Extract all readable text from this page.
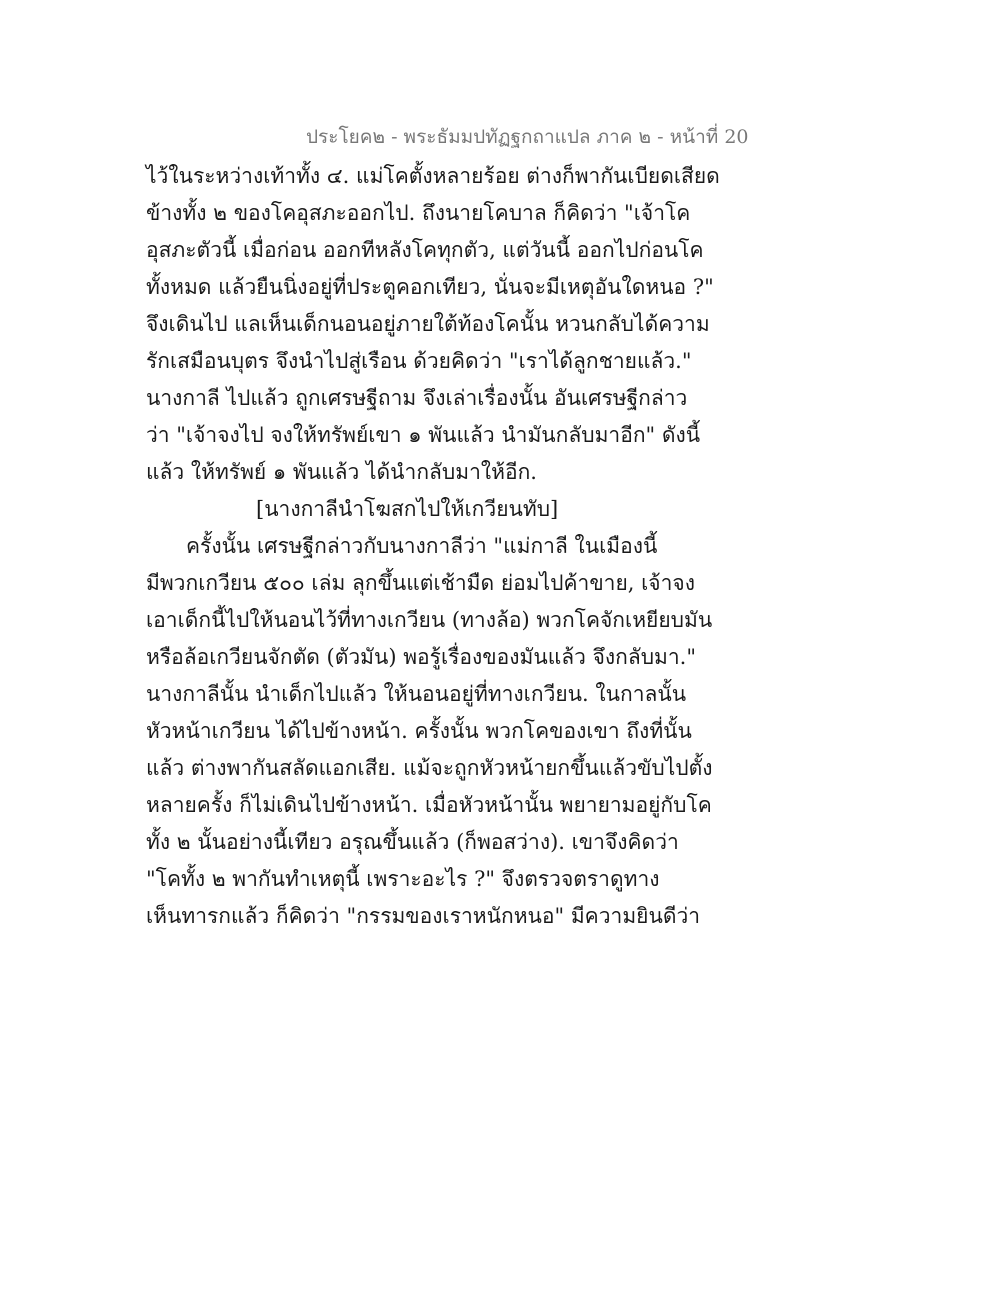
ประโยค๒ - พระธัมมปทัฏฐกถาแปล ภาค ๒ - หน้าที่ 20
ไว้ในระหว่างเท้าทั้ง ๔. แม่โคตั้งหลายร้อย ต่างก็พากันเบียดเสียด
ข้างทั้ง ๒ ของโคอุสภะออกไป. ถึงนายโคบาล ก็คิดว่า "เจ้าโค
อุสภะตัวนี้ เมื่อก่อน ออกทีหลังโคทุกตัว, แต่วันนี้ ออกไปก่อนโค
ทั้งหมด แล้วยืนนิ่งอยู่ที่ประตูคอกเทียว, นั่นจะมีเหตุอันใดหนอ ?"
จึงเดินไป แลเห็นเด็กนอนอยู่ภายใต้ท้องโคนั้น หวนกลับได้ความ
รักเสมือนบุตร จึงนำไปสู่เรือน ด้วยคิดว่า "เราได้ลูกชายแล้ว."
นางกาลี ไปแล้ว ถูกเศรษฐีถาม จึงเล่าเรื่องนั้น อันเศรษฐีกล่าว
ว่า "เจ้าจงไป จงให้ทรัพย์เขา ๑ พันแล้ว นำมันกลับมาอีก" ดังนี้
แล้ว ให้ทรัพย์ ๑ พันแล้ว ได้นำกลับมาให้อีก.
[นางกาลีนำโฆสกไปให้เกวียนทับ]
ครั้งนั้น เศรษฐีกล่าวกับนางกาลีว่า "แม่กาลี ในเมืองนี้
มีพวกเกวียน ๕๐๐ เล่ม ลุกขึ้นแต่เช้ามืด ย่อมไปค้าขาย, เจ้าจง
เอาเด็กนี้ไปให้นอนไว้ที่ทางเกวียน (ทางล้อ) พวกโคจักเหยียบมัน
หรือล้อเกวียนจักตัด (ตัวมัน) พอรู้เรื่องของมันแล้ว จึงกลับมา."
นางกาลีนั้น นำเด็กไปแล้ว ให้นอนอยู่ที่ทางเกวียน. ในกาลนั้น
หัวหน้าเกวียน ได้ไปข้างหน้า. ครั้งนั้น พวกโคของเขา ถึงที่นั้น
แล้ว ต่างพากันสลัดแอกเสีย. แม้จะถูกหัวหน้ายกขึ้นแล้วขับไปตั้ง
หลายครั้ง ก็ไม่เดินไปข้างหน้า. เมื่อหัวหน้านั้น พยายามอยู่กับโค
ทั้ง ๒ นั้นอย่างนี้เทียว อรุณขึ้นแล้ว (ก็พอสว่าง). เขาจึงคิดว่า
"โคทั้ง ๒ พากันทำเหตุนี้ เพราะอะไร ?" จึงตรวจตราดูทาง
เห็นทารกแล้ว ก็คิดว่า "กรรมของเราหนักหนอ" มีความยินดีว่า
